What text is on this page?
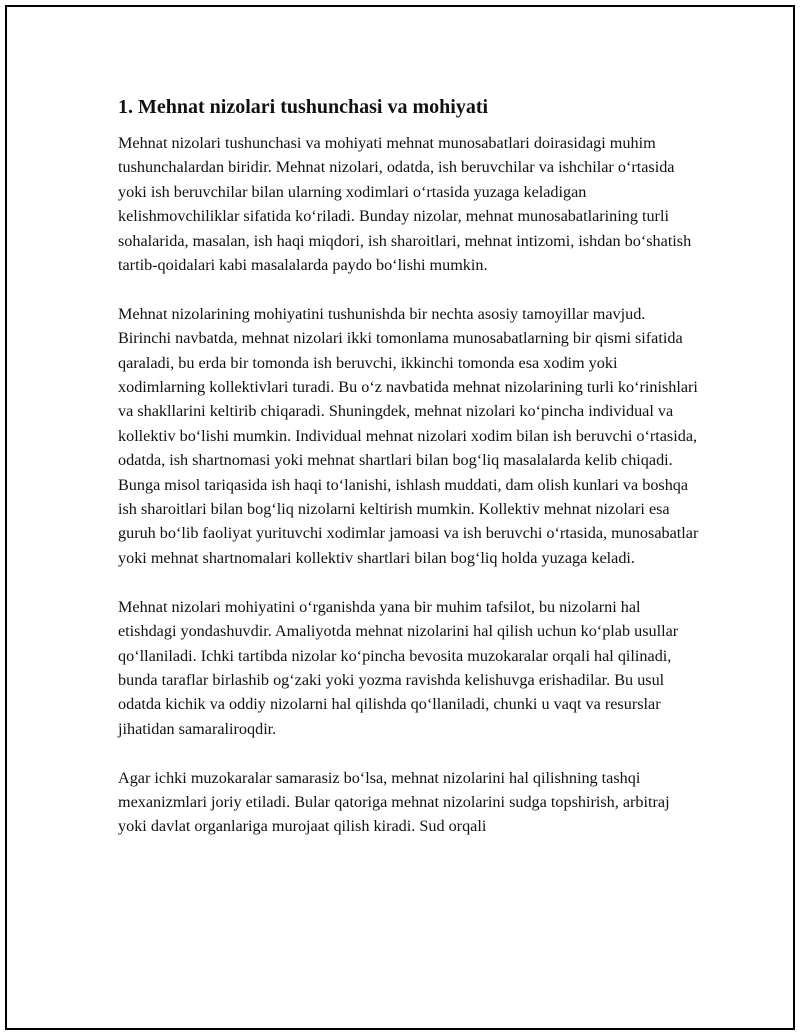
1. Mehnat nizolari tushunchasi va mohiyati

Mehnat nizolari tushunchasi va mohiyati mehnat munosabatlari doirasidagi muhim tushunchalardan biridir. Mehnat nizolari, odatda, ish beruvchilar va ishchilar o‘rtasida yoki ish beruvchilar bilan ularning xodimlari o‘rtasida yuzaga keladigan kelishmovchiliklar sifatida ko‘riladi. Bunday nizolar, mehnat munosabatlarining turli sohalarida, masalan, ish haqi miqdori, ish sharoitlari, mehnat intizomi, ishdan bo‘shatish tartib-qoidalari kabi masalalarda paydo bo‘lishi mumkin.

Mehnat nizolarining mohiyatini tushunishda bir nechta asosiy tamoyillar mavjud. Birinchi navbatda, mehnat nizolari ikki tomonlama munosabatlarning bir qismi sifatida qaraladi, bu erda bir tomonda ish beruvchi, ikkinchi tomonda esa xodim yoki xodimlarning kollektivlari turadi. Bu o‘z navbatida mehnat nizolarining turli ko‘rinishlari va shakllarini keltirib chiqaradi. Shuningdek, mehnat nizolari ko‘pincha individual va kollektiv bo‘lishi mumkin. Individual mehnat nizolari xodim bilan ish beruvchi o‘rtasida, odatda, ish shartnomasi yoki mehnat shartlari bilan bog‘liq masalalarda kelib chiqadi. Bunga misol tariqasida ish haqi to‘lanishi, ishlash muddati, dam olish kunlari va boshqa ish sharoitlari bilan bog‘liq nizolarni keltirish mumkin. Kollektiv mehnat nizolari esa guruh bo‘lib faoliyat yurituvchi xodimlar jamoasi va ish beruvchi o‘rtasida, munosabatlar yoki mehnat shartnomalari kollektiv shartlari bilan bog‘liq holda yuzaga keladi.

Mehnat nizolari mohiyatini o‘rganishda yana bir muhim tafsilot, bu nizolarni hal etishdagi yondashuvdir. Amaliyotda mehnat nizolarini hal qilish uchun ko‘plab usullar qo‘llaniladi. Ichki tartibda nizolar ko‘pincha bevosita muzokaralar orqali hal qilinadi, bunda taraflar birlashib og‘zaki yoki yozma ravishda kelishuvga erishadilar. Bu usul odatda kichik va oddiy nizolarni hal qilishda qo‘llaniladi, chunki u vaqt va resurslar jihatidan samaraliroqdir.

Agar ichki muzokaralar samarasiz bo‘lsa, mehnat nizolarini hal qilishning tashqi mexanizmlari joriy etiladi. Bular qatoriga mehnat nizolarini sudga topshirish, arbitraj yoki davlat organlariga murojaat qilish kiradi. Sud orqali
